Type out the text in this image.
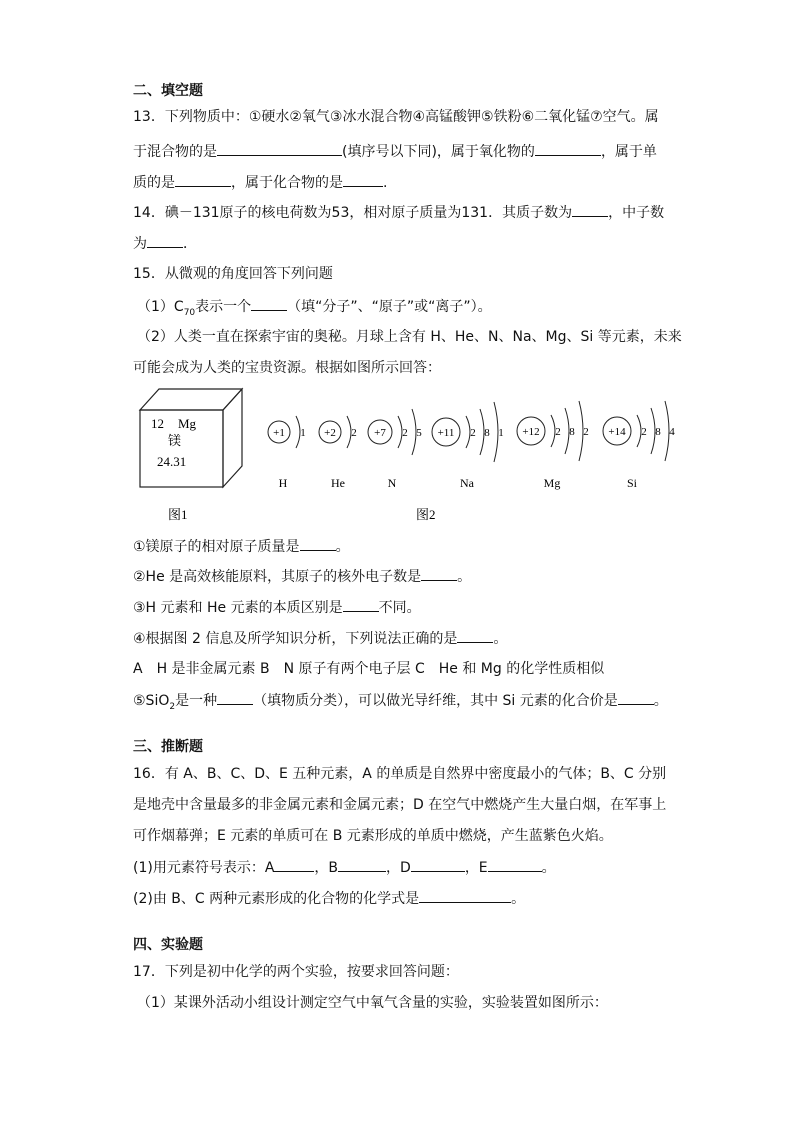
二、填空题
13．下列物质中：①硬水②氧气③冰水混合物④高锰酸钾⑤铁粉⑥二氧化锰⑦空气。属
于混合物的是	(填序号以下同)，属于氧化物的	，属于单
质的是	，属于化合物的是	.
14．碘－131原子的核电荷数为53，相对原子质量为131．其质子数为	，中子数
为	．
15．从微观的角度回答下列问题
$(1)C_{70}$表示一个	（填“分子”、“原子”或“离子”）。
（2）人类一直在探索宇宙的奥秘。月球上含有 H、He、N、Na、Mg、Si 等元素，未来
可能会成为人类的宝贵资源。根据如图所示回答：
12 Mg
镁
24.31
图1	图2
+1 1
H
+2 2
He
+7 2 5
N
+11 2 8 1
Na
+12 2 8 2
Mg
+14 2 8 4
Si
①镁原子的相对原子质量是	。
②He 是高效核能原料，其原子的核外电子数是	。
③H 元素和 He 元素的本质区别是	不同。
④根据图 2 信息及所学知识分析，下列说法正确的是	。
A　H 是非金属元素 B　N 原子有两个电子层 C　He 和 Mg 的化学性质相似
⑤SiO$_2$是一种	（填物质分类），可以做光导纤维，其中 Si 元素的化合价是	。
三、推断题
16．有 A、B、C、D、E 五种元素，A 的单质是自然界中密度最小的气体；B、C 分别
是地壳中含量最多的非金属元素和金属元素；D 在空气中燃烧产生大量白烟，在军事上
可作烟幕弹；E 元素的单质可在 B 元素形成的单质中燃烧，产生蓝紫色火焰。
(1)用元素符号表示：A	，B	，D	，E	。
(2)由 B、C 两种元素形成的化合物的化学式是	。
四、实验题
17．下列是初中化学的两个实验，按要求回答问题：
（1）某课外活动小组设计测定空气中氧气含量的实验，实验装置如图所示：
